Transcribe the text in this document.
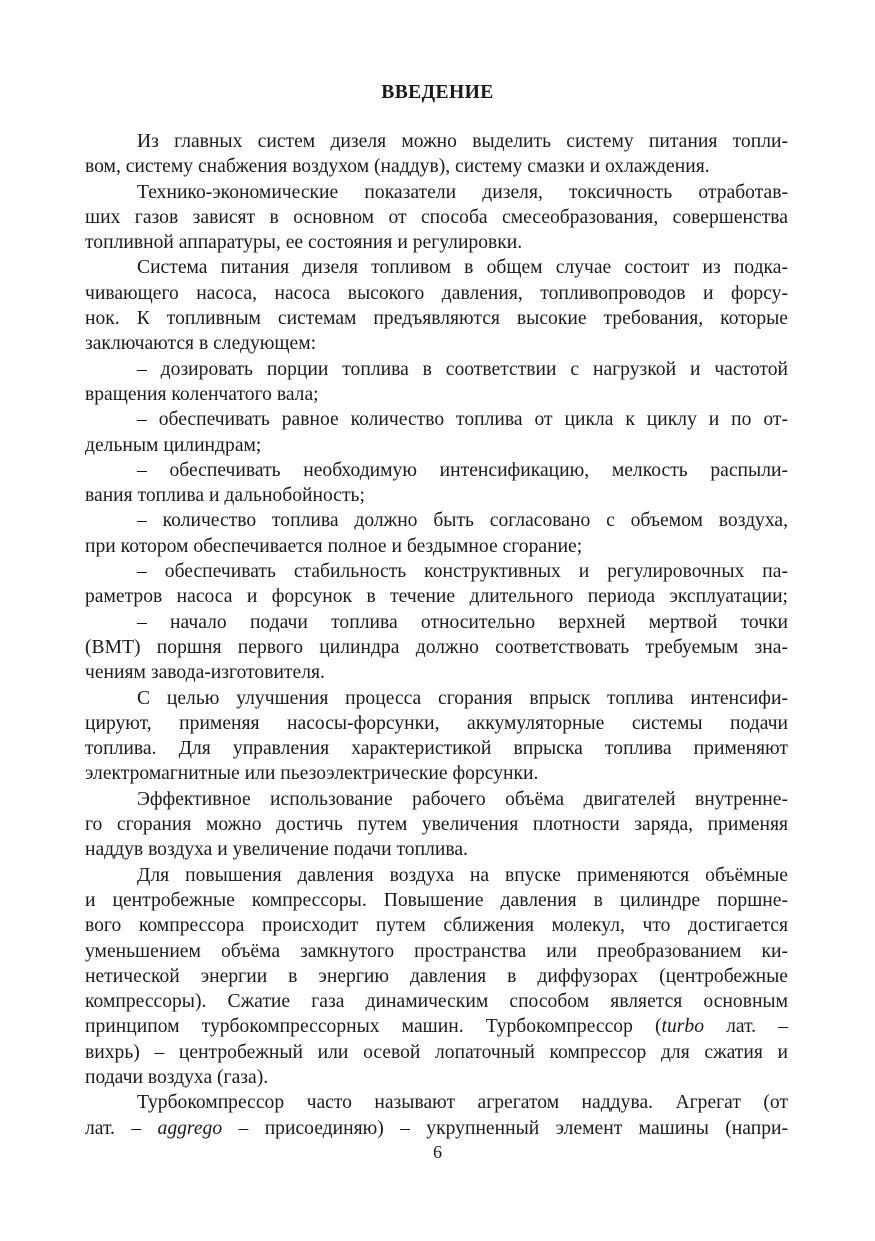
ВВЕДЕНИЕ
Из главных систем дизеля можно выделить систему питания топли-
вом, систему снабжения воздухом (наддув), систему смазки и охлаждения.
Технико-экономические показатели дизеля, токсичность отработав-
ших газов зависят в основном от способа смесеобразования, совершенства
топливной аппаратуры, ее состояния и регулировки.
Система питания дизеля топливом в общем случае состоит из подка-
чивающего насоса, насоса высокого давления, топливопроводов и форсу-
нок. К топливным системам предъявляются высокие требования, которые
заключаются в следующем:
– дозировать порции топлива в соответствии с нагрузкой и частотой
вращения коленчатого вала;
– обеспечивать равное количество топлива от цикла к циклу и по от-
дельным цилиндрам;
– обеспечивать необходимую интенсификацию, мелкость распыли-
вания топлива и дальнобойность;
– количество топлива должно быть согласовано с объемом воздуха,
при котором обеспечивается полное и бездымное сгорание;
– обеспечивать стабильность конструктивных и регулировочных па-
раметров насоса и форсунок в течение длительного периода эксплуатации;
– начало подачи топлива относительно верхней мертвой точки
(ВМТ) поршня первого цилиндра должно соответствовать требуемым зна-
чениям завода-изготовителя.
С целью улучшения процесса сгорания впрыск топлива интенсифи-
цируют, применяя насосы-форсунки, аккумуляторные системы подачи
топлива. Для управления характеристикой впрыска топлива применяют
электромагнитные или пьезоэлектрические форсунки.
Эффективное использование рабочего объёма двигателей внутренне-
го сгорания можно достичь путем увеличения плотности заряда, применяя
наддув воздуха и увеличение подачи топлива.
Для повышения давления воздуха на впуске применяются объёмные
и центробежные компрессоры. Повышение давления в цилиндре поршне-
вого компрессора происходит путем сближения молекул, что достигается
уменьшением объёма замкнутого пространства или преобразованием ки-
нетической энергии в энергию давления в диффузорах (центробежные
компрессоры). Сжатие газа динамическим способом является основным
принципом турбокомпрессорных машин. Турбокомпрессор (turbo лат. –
вихрь) – центробежный или осевой лопаточный компрессор для сжатия и
подачи воздуха (газа).
Турбокомпрессор часто называют агрегатом наддува. Агрегат (от
лат. – aggrego – присоединяю) – укрупненный элемент машины (напри-
6
